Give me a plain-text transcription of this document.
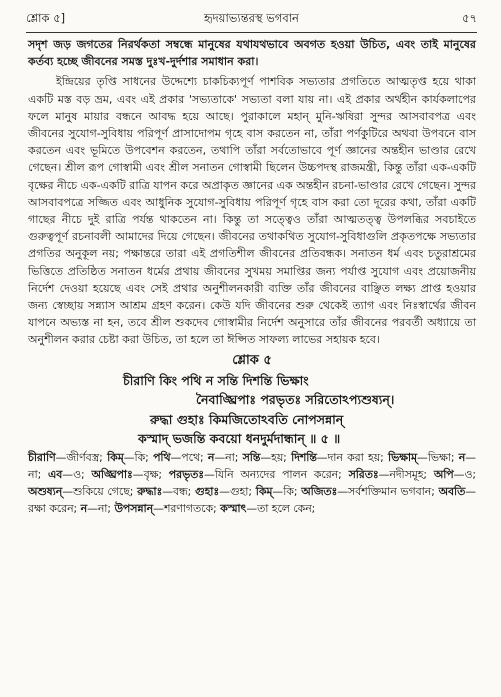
শ্লোক ৫]	হৃদয়াভ্যন্তরস্থ ভগবান	৫৭

সদৃশ জড় জগতের নিরর্থকতা সম্বন্ধে মানুষের যথাযথভাবে অবগত হওয়া উচিত, এবং তাই মানুষের কর্তব্য হচ্ছে জীবনের সমস্ত দুঃখ-দুর্দশার সমাধান করা।

ইন্দ্রিয়ের তৃপ্তি সাধনের উদ্দেশ্যে চাকচিক্যপূর্ণ পাশবিক সভ্যতার প্রগতিতে আত্মতৃপ্ত হয়ে থাকা একটি মস্ত বড় ভ্রম, এবং এই প্রকার 'সভ্যতাকে' সভ্যতা বলা যায় না। এই প্রকার অর্থহীন কার্যকলাপের ফলে মানুষ মায়ার বন্ধনে আবদ্ধ হয়ে আছে। পুরাকালে মহান্ মুনি-ঋষিরা সুন্দর আসবাবপত্র এবং জীবনের সুযোগ-সুবিধায় পরিপূর্ণ প্রাসাদোপম গৃহে বাস করতেন না, তাঁরা পর্ণকুটিরে অথবা উপবনে বাস করতেন এবং ভূমিতে উপবেশন করতেন, তথাপি তাঁরা সর্বতোভাবে পূর্ণ জ্ঞানের অন্তহীন ভাণ্ডার রেখে গেছেন। শ্রীল রূপ গোস্বামী এবং শ্রীল সনাতন গোস্বামী ছিলেন উচ্চপদস্থ রাজমন্ত্রী, কিন্তু তাঁরা এক-একটি বৃক্ষের নীচে এক-একটি রাত্রি যাপন করে অপ্রাকৃত জ্ঞানের এক অন্তহীন রচনা-ভাণ্ডার রেখে গেছেন। সুন্দর আসবাবপত্রে সজ্জিত এবং আধুনিক সুযোগ-সুবিধায় পরিপূর্ণ গৃহে বাস করা তো দূরের কথা, তাঁরা একটি গাছের নীচে দুই রাত্রি পর্যন্ত থাকতেন না। কিন্তু তা সত্ত্বেও তাঁরা আত্মতত্ত্ব উপলব্ধির সবচাইতে গুরুত্বপূর্ণ রচনাবলী আমাদের দিয়ে গেছেন। জীবনের তথাকথিত সুযোগ-সুবিধাগুলি প্রকৃতপক্ষে সভ্যতার প্রগতির অনুকূল নয়; পক্ষান্তরে তারা এই প্রগতিশীল জীবনের প্রতিবন্ধক। সনাতন ধর্ম এবং চতুরাশ্রমের ভিত্তিতে প্রতিষ্ঠিত সনাতন ধর্মের প্রথায় জীবনের সুখময় সমাপ্তির জন্য পর্যাপ্ত সুযোগ এবং প্রয়োজনীয় নির্দেশ দেওয়া হয়েছে এবং সেই প্রথার অনুশীলনকারী ব্যক্তি তাঁর জীবনের বাঞ্ছিত লক্ষ্য প্রাপ্ত হওয়ার জন্য স্বেচ্ছায় সন্ন্যাস আশ্রম গ্রহণ করেন। কেউ যদি জীবনের শুরু থেকেই ত্যাগ এবং নিঃস্বার্থের জীবন যাপনে অভ্যস্ত না হন, তবে শ্রীল শুকদেব গোস্বামীর নির্দেশ অনুসারে তাঁর জীবনের পরবর্তী অধ্যায়ে তা অনুশীলন করার চেষ্টা করা উচিত, তা হলে তা ঈপ্সিত সাফল্য লাভের সহায়ক হবে।

শ্লোক ৫
চীরাণি কিং পথি ন সন্তি দিশন্তি ভিক্ষাং
নৈবাঙ্ঘ্রিপাঃ পরভৃতঃ সরিতোঽপ্যশুষ্যন্।
রুদ্ধা গুহাঃ কিমজিতোঽবতি নোপসন্নান্
কস্মাদ্ ভজন্তি কবয়ো ধনদুর্মদান্ধান্ ॥ ৫ ॥

চীরাণি—জীর্ণবস্ত্র; কিম্—কি; পথি—পথে; ন—না; সন্তি—হয়; দিশন্তি—দান করা হয়; ভিক্ষাম্—ভিক্ষা; ন—না; এব—ও; অঙ্ঘ্রিপাঃ—বৃক্ষ; পরভৃতঃ—যিনি অন্যদের পালন করেন; সরিতঃ—নদীসমূহ; অপি—ও; অশুষ্যন্—শুকিয়ে গেছে; রুদ্ধাঃ—বন্ধ; গুহাঃ—গুহা; কিম্—কি; অজিতঃ—সর্বশক্তিমান ভগবান; অবতি—রক্ষা করেন; ন—না; উপসন্নান্—শরণাগতকে; কস্মাৎ—তা হলে কেন;
